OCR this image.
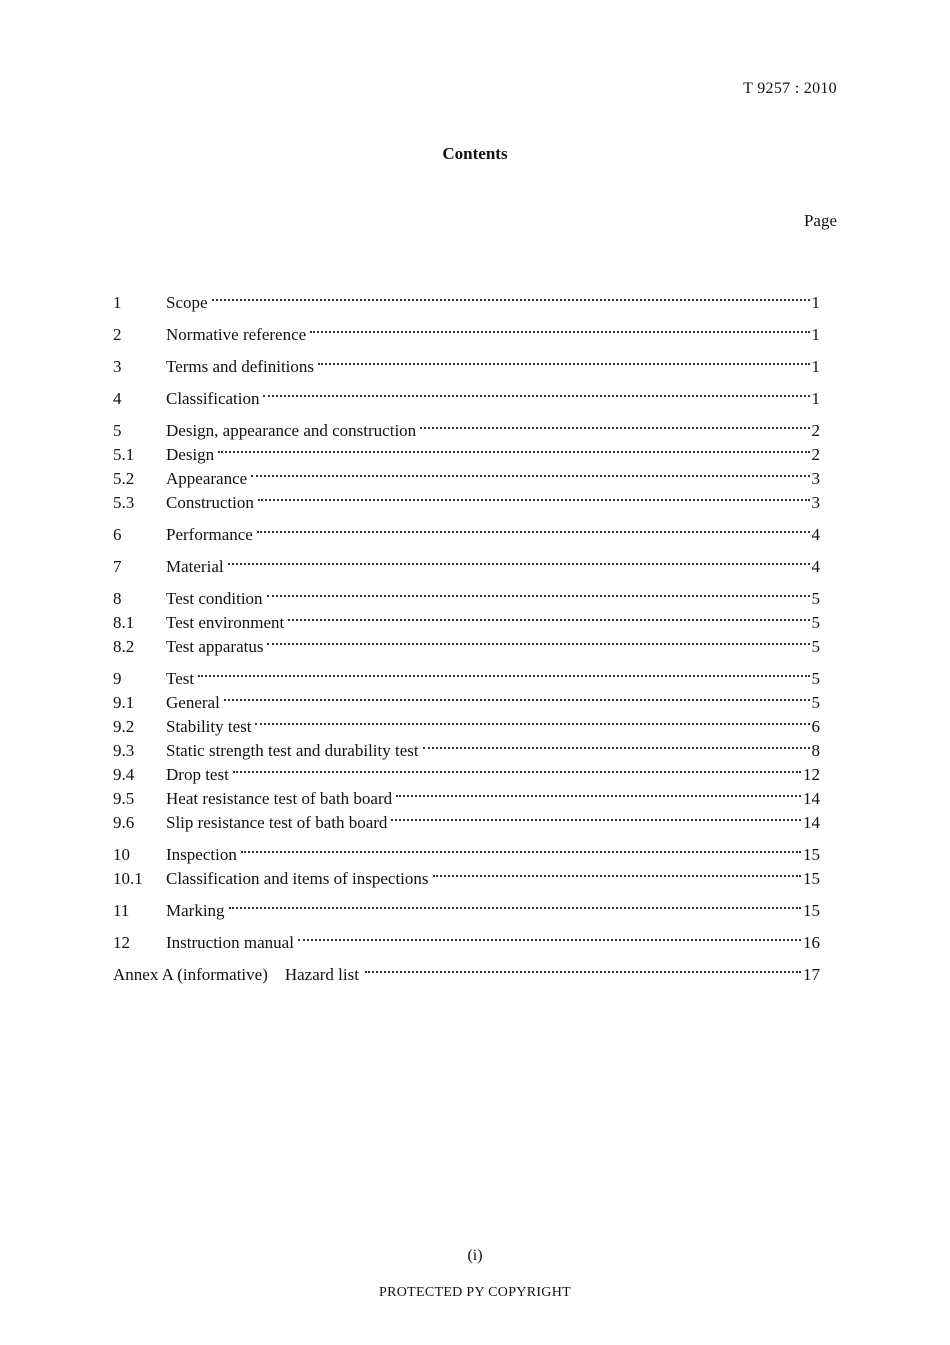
T 9257 : 2010
Contents
Page
1	Scope	1
2	Normative reference	1
3	Terms and definitions	1
4	Classification	1
5	Design, appearance and construction	2
5.1	Design	2
5.2	Appearance	3
5.3	Construction	3
6	Performance	4
7	Material	4
8	Test condition	5
8.1	Test environment	5
8.2	Test apparatus	5
9	Test	5
9.1	General	5
9.2	Stability test	6
9.3	Static strength test and durability test	8
9.4	Drop test	12
9.5	Heat resistance test of bath board	14
9.6	Slip resistance test of bath board	14
10	Inspection	15
10.1	Classification and items of inspections	15
11	Marking	15
12	Instruction manual	16
Annex A (informative)　Hazard list	17
(i)
PROTECTED PY COPYRIGHT
